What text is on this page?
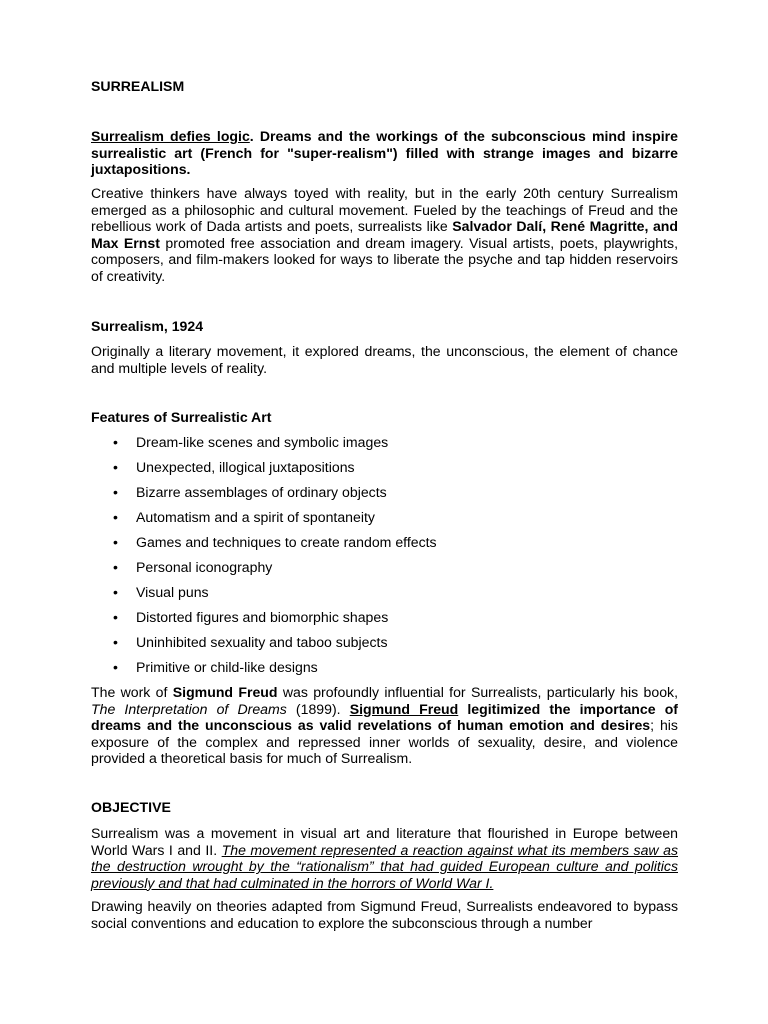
SURREALISM

Surrealism defies logic. Dreams and the workings of the subconscious mind inspire surrealistic art (French for "super-realism") filled with strange images and bizarre juxtapositions.

Creative thinkers have always toyed with reality, but in the early 20th century Surrealism emerged as a philosophic and cultural movement. Fueled by the teachings of Freud and the rebellious work of Dada artists and poets, surrealists like Salvador Dalí, René Magritte, and Max Ernst promoted free association and dream imagery. Visual artists, poets, playwrights, composers, and film-makers looked for ways to liberate the psyche and tap hidden reservoirs of creativity.

Surrealism, 1924

Originally a literary movement, it explored dreams, the unconscious, the element of chance and multiple levels of reality.

Features of Surrealistic Art

• Dream-like scenes and symbolic images
• Unexpected, illogical juxtapositions
• Bizarre assemblages of ordinary objects
• Automatism and a spirit of spontaneity
• Games and techniques to create random effects
• Personal iconography
• Visual puns
• Distorted figures and biomorphic shapes
• Uninhibited sexuality and taboo subjects
• Primitive or child-like designs

The work of Sigmund Freud was profoundly influential for Surrealists, particularly his book, The Interpretation of Dreams (1899). Sigmund Freud legitimized the importance of dreams and the unconscious as valid revelations of human emotion and desires; his exposure of the complex and repressed inner worlds of sexuality, desire, and violence provided a theoretical basis for much of Surrealism.

OBJECTIVE

Surrealism was a movement in visual art and literature that flourished in Europe between World Wars I and II. The movement represented a reaction against what its members saw as the destruction wrought by the “rationalism” that had guided European culture and politics previously and that had culminated in the horrors of World War I.

Drawing heavily on theories adapted from Sigmund Freud, Surrealists endeavored to bypass social conventions and education to explore the subconscious through a number
